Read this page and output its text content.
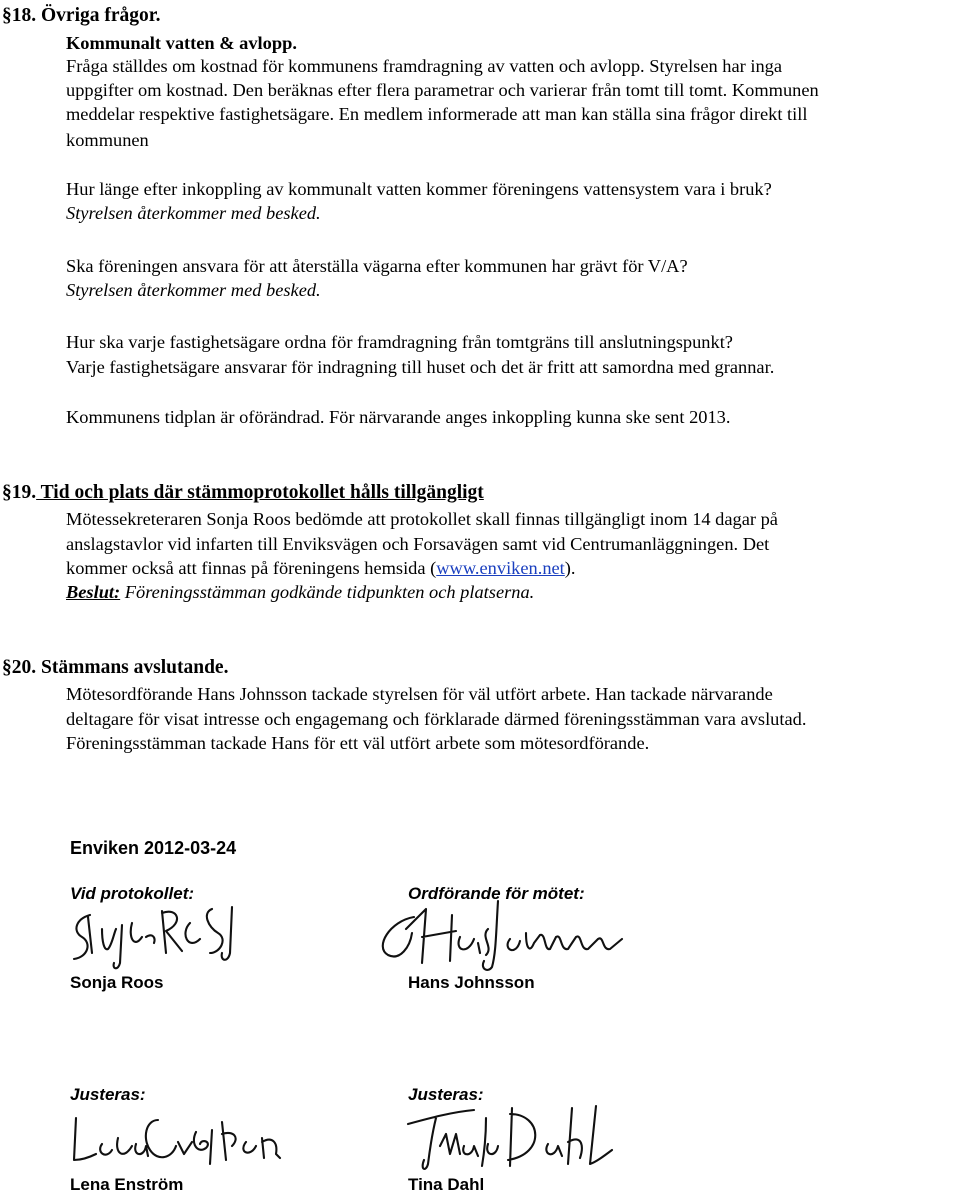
§18. Övriga frågor.
Kommunalt vatten & avlopp.
Fråga ställdes om kostnad för kommunens framdragning av vatten och avlopp. Styrelsen har inga
uppgifter om kostnad. Den beräknas efter flera parametrar och varierar från tomt till tomt. Kommunen
meddelar respektive fastighetsägare. En medlem informerade att man kan ställa sina frågor direkt till
kommunen
Hur länge efter inkoppling av kommunalt vatten kommer föreningens vattensystem vara i bruk?
Styrelsen återkommer med besked.
Ska föreningen ansvara för att återställa vägarna efter kommunen har grävt för V/A?
Styrelsen återkommer med besked.
Hur ska varje fastighetsägare ordna för framdragning från tomtgräns till anslutningspunkt?
Varje fastighetsägare ansvarar för indragning till huset och det är fritt att samordna med grannar.
Kommunens tidplan är oförändrad. För närvarande anges inkoppling kunna ske sent 2013.
§19. Tid och plats där stämmoprotokollet hålls tillgängligt
Mötessekreteraren Sonja Roos bedömde att protokollet skall finnas tillgängligt inom 14 dagar på
anslagstavlor vid infarten till Enviksvägen och Forsavägen samt vid Centrumanläggningen. Det
kommer också att finnas på föreningens hemsida (www.enviken.net).
Beslut: Föreningsstämman godkände tidpunkten och platserna.
§20. Stämmans avslutande.
Mötesordförande Hans Johnsson tackade styrelsen för väl utfört arbete. Han tackade närvarande
deltagare för visat intresse och engagemang och förklarade därmed föreningsstämman vara avslutad.
Föreningsstämman tackade Hans för ett väl utfört arbete som mötesordförande.
Enviken 2012-03-24
Vid protokollet:
Sonja Roos
Ordförande för mötet:
Hans Johnsson
Justeras:
Lena Enström
Justeras:
Tina Dahl
